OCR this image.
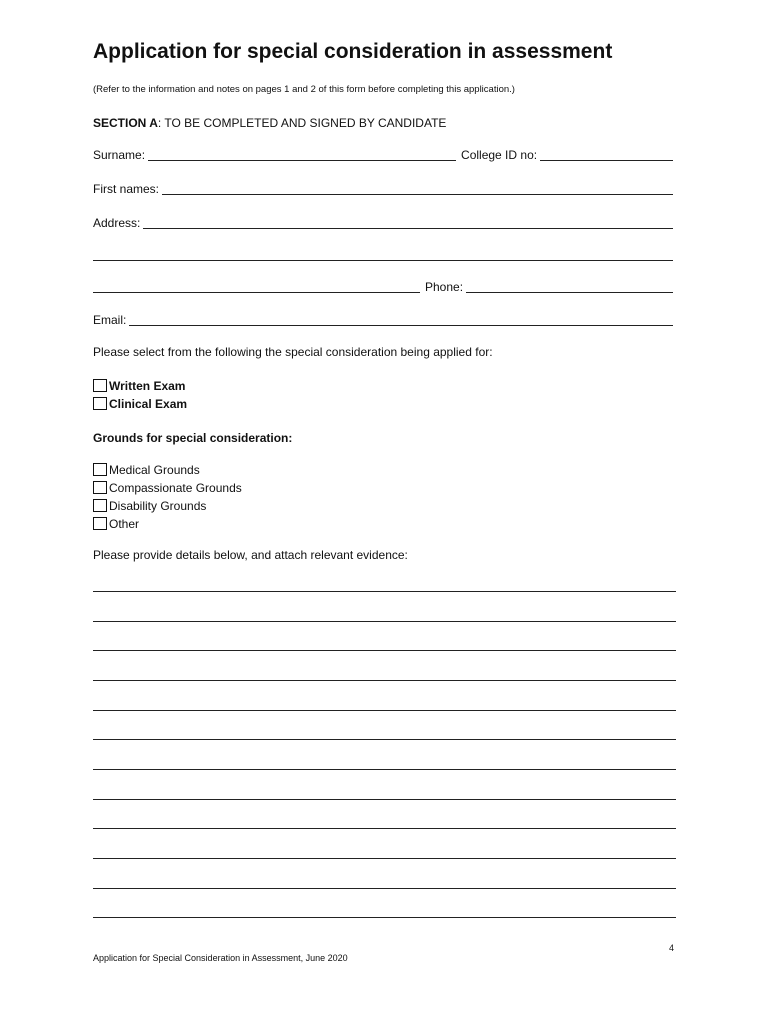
Application for special consideration in assessment
(Refer to the information and notes on pages 1 and 2 of this form before completing this application.)
SECTION A: TO BE COMPLETED AND SIGNED BY CANDIDATE
Surname:	College ID no:
First names:
Address:
Phone:
Email:
Please select from the following the special consideration being applied for:
Written Exam
Clinical Exam
Grounds for special consideration:
Medical Grounds
Compassionate Grounds
Disability Grounds
Other
Please provide details below, and attach relevant evidence:
4
Application for Special Consideration in Assessment, June 2020
